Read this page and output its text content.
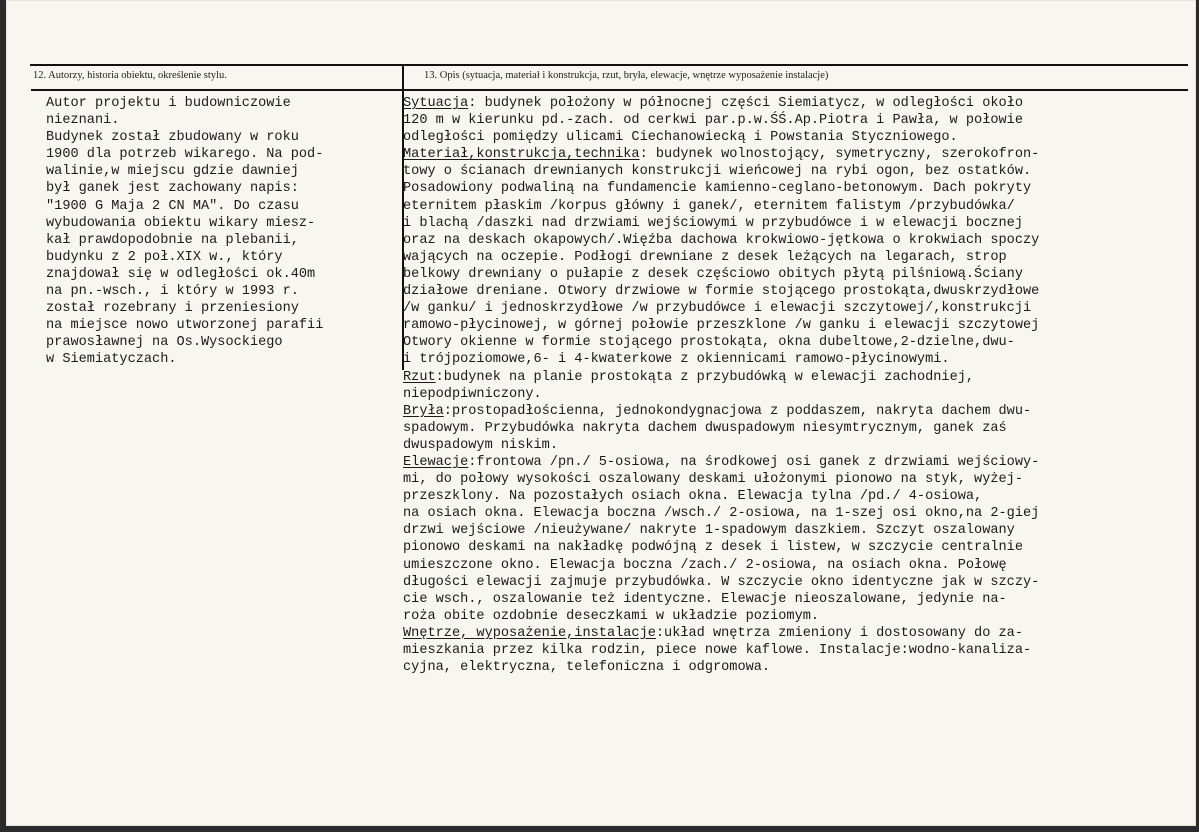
12. Autorzy, historia obiektu, określenie stylu.	13. Opis (sytuacja, materiał i konstrukcja, rzut, bryła, elewacje, wnętrze wyposażenie instalacje)
Autor projektu i budowniczowie
nieznani.
Budynek został zbudowany w roku
1900 dla potrzeb wikarego. Na pod-
walinie,w miejscu gdzie dawniej
był ganek jest zachowany napis:
"1900 G Maja 2 CN MA". Do czasu
wybudowania obiektu wikary miesz-
kał prawdopodobnie na plebanii,
budynku z 2 poł.XIX w., który
znajdował się w odległości ok.40m
na pn.-wsch., i który w 1993 r.
został rozebrany i przeniesiony
na miejsce nowo utworzonej parafii
prawosławnej na Os.Wysockiego
w Siemiatyczach.
Sytuacja: budynek położony w północnej części Siemiatycz, w odległości około
120 m w kierunku pd.-zach. od cerkwi par.p.w.ŚŚ.Ap.Piotra i Pawła, w połowie
odległości pomiędzy ulicami Ciechanowiecką i Powstania Styczniowego.
Materiał,konstrukcja,technika: budynek wolnostojący, symetryczny, szerokofron-
towy o ścianach drewnianych konstrukcji wieńcowej na rybi ogon, bez ostatków.
Posadowiony podwaliną na fundamencie kamienno-ceglano-betonowym. Dach pokryty
eternitem płaskim /korpus główny i ganek/, eternitem falistym /przybudówka/
i blachą /daszki nad drzwiami wejściowymi w przybudówce i w elewacji bocznej
oraz na deskach okapowych/.Więźba dachowa krokwiowo-jętkowa o krokwiach spoczy
wających na oczepie. Podłogi drewniane z desek leżących na legarach, strop
belkowy drewniany o pułapie z desek częściowo obitych płytą pilśniową.Ściany
działowe dreniane. Otwory drzwiowe w formie stojącego prostokąta,dwuskrzydłowe
/w ganku/ i jednoskrzydłowe /w przybudówce i elewacji szczytowej/,konstrukcji
ramowo-płycinowej, w górnej połowie przeszklone /w ganku i elewacji szczytowej
Otwory okienne w formie stojącego prostokąta, okna dubeltowe,2-dzielne,dwu-
i trójpoziomowe,6- i 4-kwaterkowe z okiennicami ramowo-płycinowymi.
Rzut:budynek na planie prostokąta z przybudówką w elewacji zachodniej,
niepodpiwniczony.
Bryła:prostopadłościenna, jednokondygnacjowa z poddaszem, nakryta dachem dwu-
spadowym. Przybudówka nakryta dachem dwuspadowym niesymtrycznym, ganek zaś
dwuspadowym niskim.
Elewacje:frontowa /pn./ 5-osiowa, na środkowej osi ganek z drzwiami wejściowy-
mi, do połowy wysokości oszalowany deskami ułożonymi pionowo na styk, wyżej-
przeszklony. Na pozostałych osiach okna. Elewacja tylna /pd./ 4-osiowa,
na osiach okna. Elewacja boczna /wsch./ 2-osiowa, na 1-szej osi okno,na 2-giej
drzwi wejściowe /nieużywane/ nakryte 1-spadowym daszkiem. Szczyt oszalowany
pionowo deskami na nakładkę podwójną z desek i listew, w szczycie centralnie
umieszczone okno. Elewacja boczna /zach./ 2-osiowa, na osiach okna. Połowę
długości elewacji zajmuje przybudówka. W szczycie okno identyczne jak w szczy-
cie wsch., oszalowanie też identyczne. Elewacje nieoszalowane, jedynie na-
roża obite ozdobnie deseczkami w układzie poziomym.
Wnętrze, wyposażenie,instalacje:układ wnętrza zmieniony i dostosowany do za-
mieszkania przez kilka rodzin, piece nowe kaflowe. Instalacje:wodno-kanaliza-
cyjna, elektryczna, telefoniczna i odgromowa.
